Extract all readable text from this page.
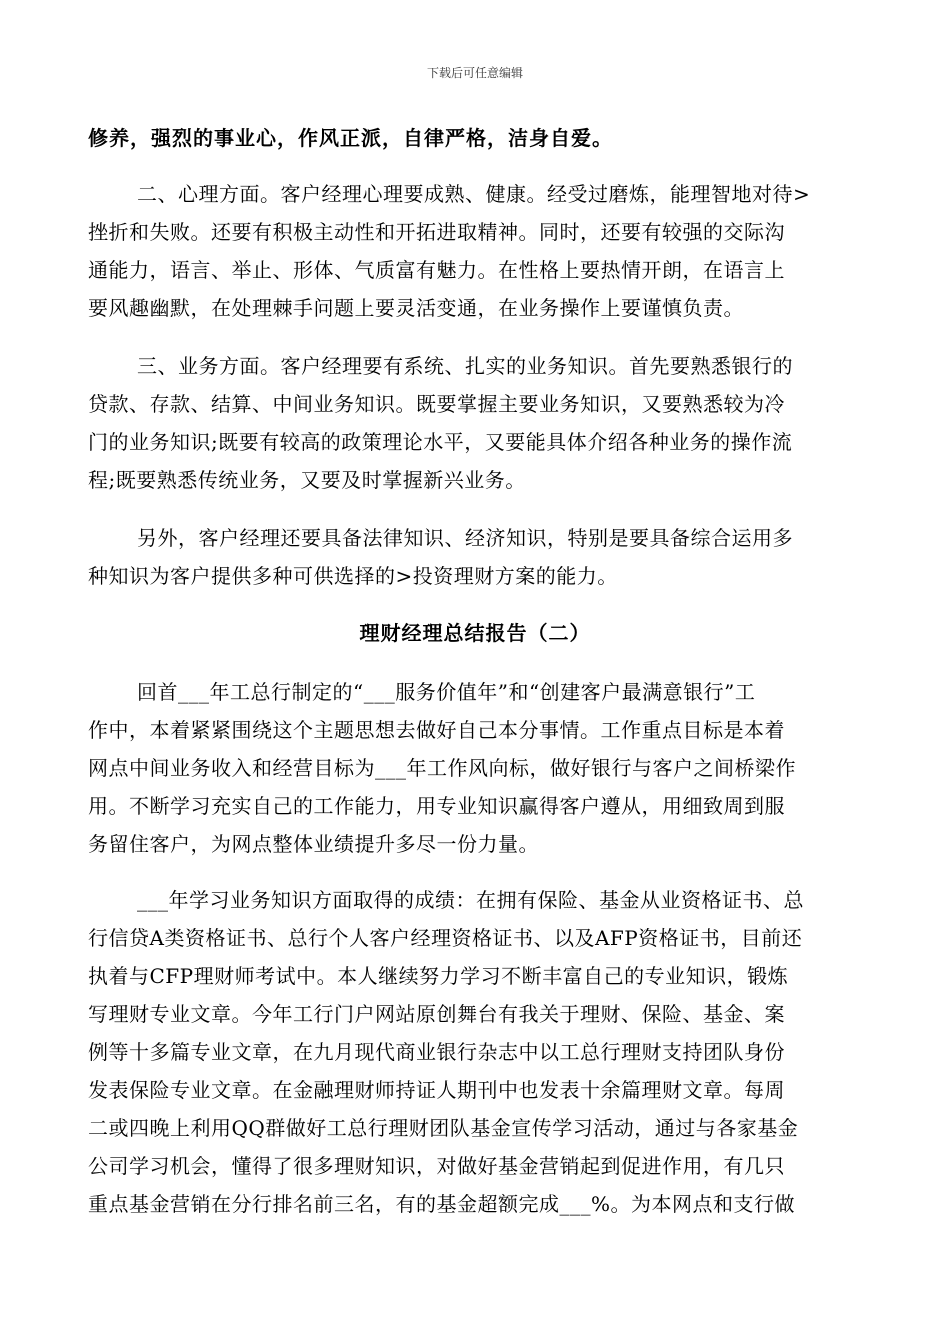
下载后可任意编辑
修养，强烈的事业心，作风正派，自律严格，洁身自爱。
二、心理方面。客户经理心理要成熟、健康。经受过磨炼，能理智地对待>
挫折和失败。还要有积极主动性和开拓进取精神。同时，还要有较强的交际沟
通能力，语言、举止、形体、气质富有魅力。在性格上要热情开朗，在语言上
要风趣幽默，在处理棘手问题上要灵活变通，在业务操作上要谨慎负责。
三、业务方面。客户经理要有系统、扎实的业务知识。首先要熟悉银行的
贷款、存款、结算、中间业务知识。既要掌握主要业务知识，又要熟悉较为冷
门的业务知识;既要有较高的政策理论水平，又要能具体介绍各种业务的操作流
程;既要熟悉传统业务，又要及时掌握新兴业务。
另外，客户经理还要具备法律知识、经济知识，特别是要具备综合运用多
种知识为客户提供多种可供选择的>投资理财方案的能力。
理财经理总结报告（二）
回首___年工总行制定的“___服务价值年”和“创建客户最满意银行”工
作中，本着紧紧围绕这个主题思想去做好自己本分事情。工作重点目标是本着
网点中间业务收入和经营目标为___年工作风向标，做好银行与客户之间桥梁作
用。不断学习充实自己的工作能力，用专业知识赢得客户遵从，用细致周到服
务留住客户，为网点整体业绩提升多尽一份力量。
___年学习业务知识方面取得的成绩：在拥有保险、基金从业资格证书、总
行信贷A类资格证书、总行个人客户经理资格证书、以及AFP资格证书，目前还
执着与CFP理财师考试中。本人继续努力学习不断丰富自己的专业知识，锻炼
写理财专业文章。今年工行门户网站原创舞台有我关于理财、保险、基金、案
例等十多篇专业文章，在九月现代商业银行杂志中以工总行理财支持团队身份
发表保险专业文章。在金融理财师持证人期刊中也发表十余篇理财文章。每周
二或四晚上利用QQ群做好工总行理财团队基金宣传学习活动，通过与各家基金
公司学习机会，懂得了很多理财知识，对做好基金营销起到促进作用，有几只
重点基金营销在分行排名前三名，有的基金超额完成___%。为本网点和支行做
